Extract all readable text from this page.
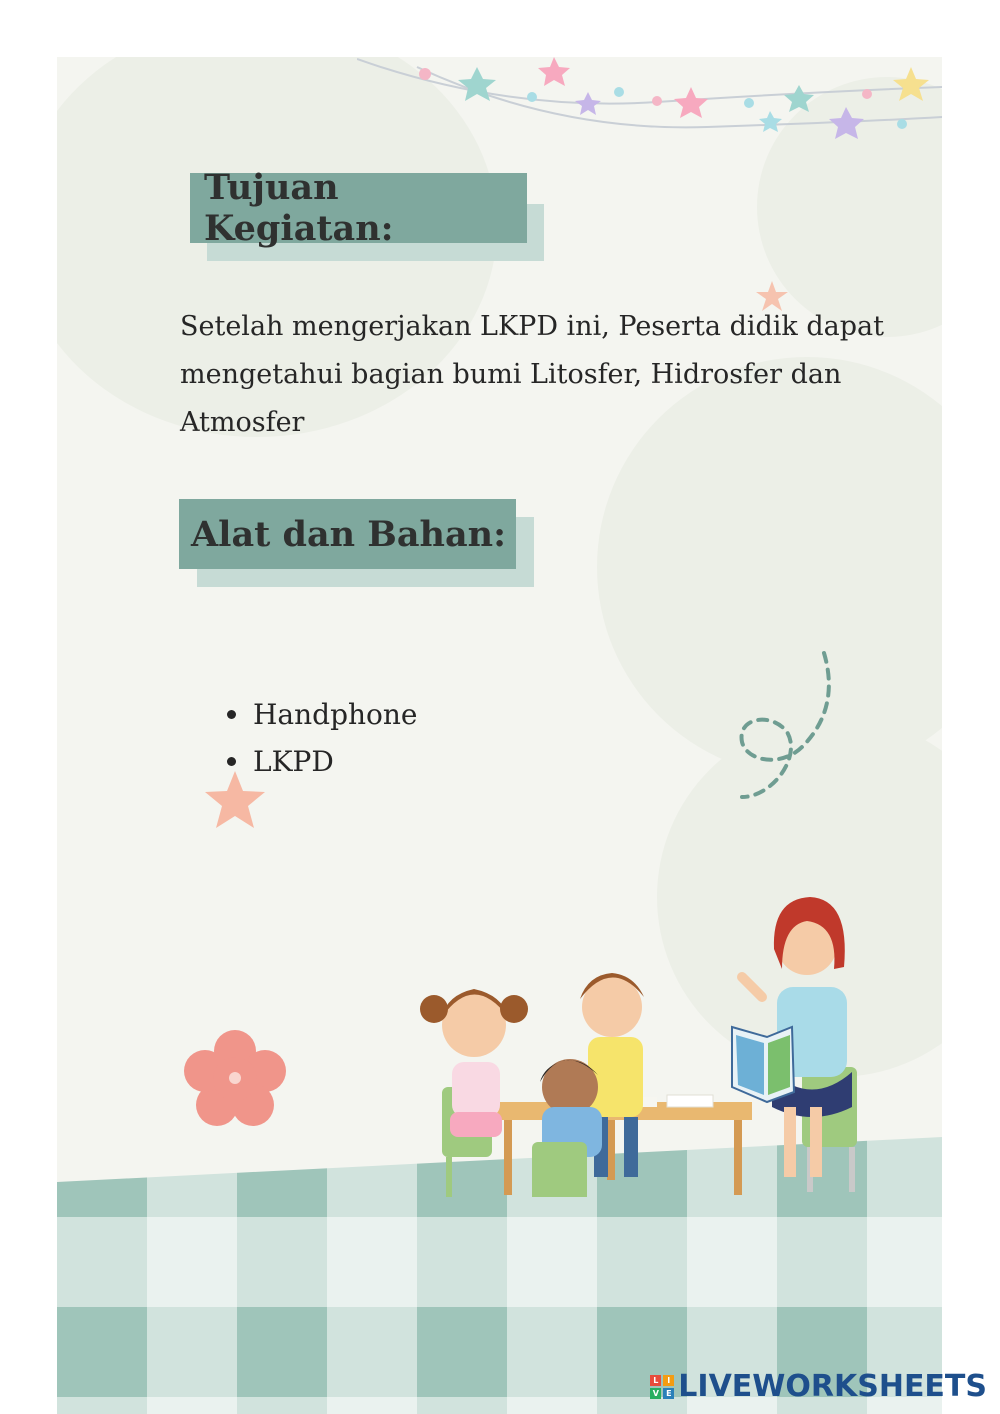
Tujuan Kegiatan:
Setelah mengerjakan LKPD ini, Peserta didik dapat mengetahui bagian bumi Litosfer, Hidrosfer dan Atmosfer
Alat dan Bahan:
Handphone
LKPD
L	I
V E LIVEWORKSHEETS
